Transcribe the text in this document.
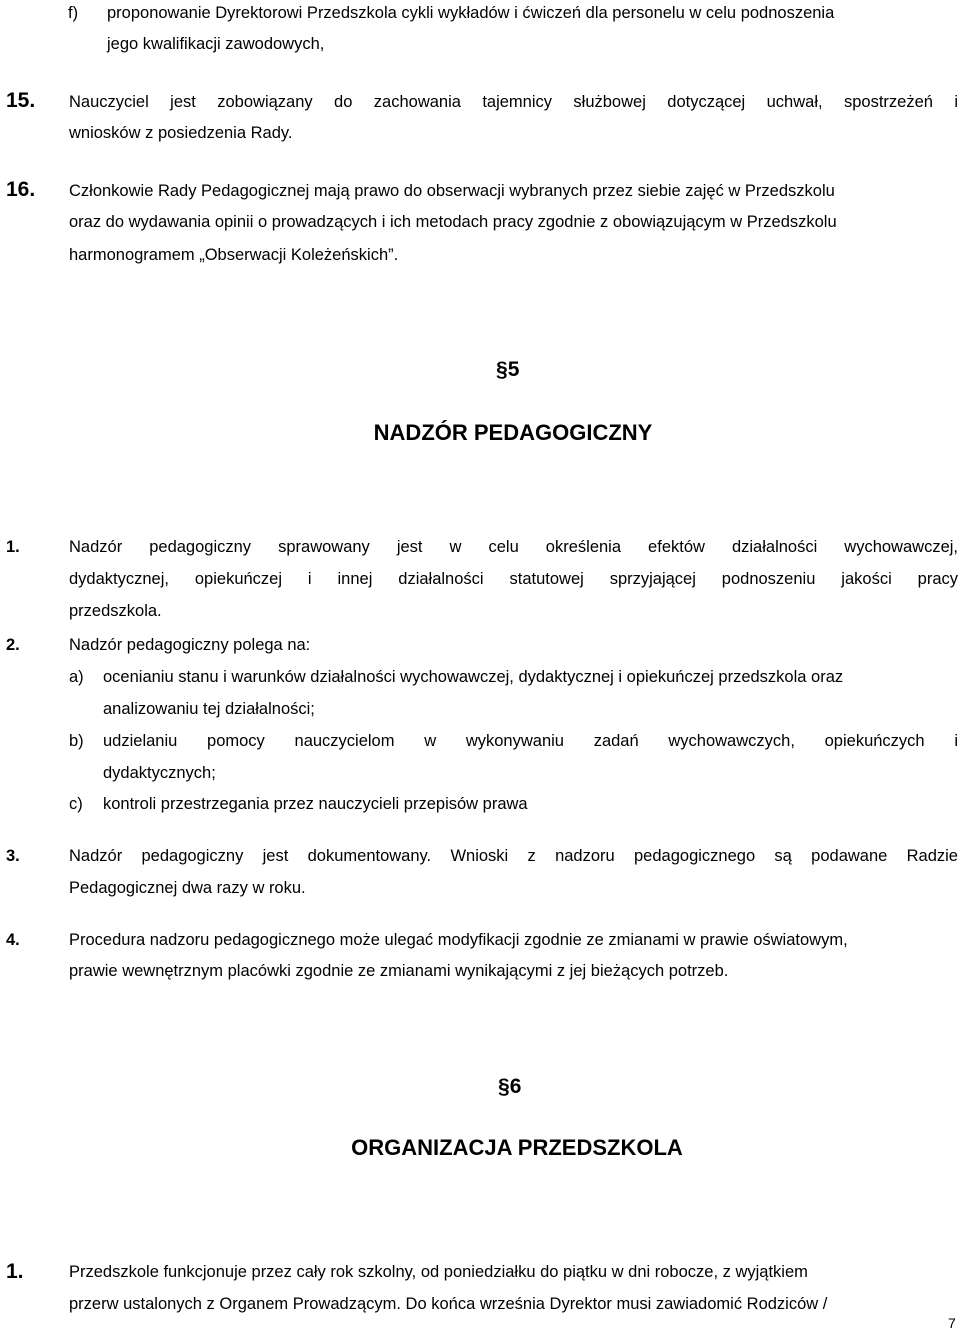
f) proponowanie Dyrektorowi Przedszkola cykli wykładów i ćwiczeń dla personelu w celu podnoszenia
jego kwalifikacji zawodowych,
15. Nauczyciel jest zobowiązany do zachowania tajemnicy służbowej dotyczącej uchwał, spostrzeżeń i
wniosków z posiedzenia Rady.
16. Członkowie Rady Pedagogicznej mają prawo do obserwacji wybranych przez siebie zajęć w Przedszkolu
oraz do wydawania opinii o prowadzących i ich metodach pracy zgodnie z obowiązującym w Przedszkolu
harmonogramem „Obserwacji Koleżeńskich”.
§5
NADZÓR PEDAGOGICZNY
1.	Nadzór pedagogiczny sprawowany jest w celu określenia efektów działalności wychowawczej,
dydaktycznej, opiekuńczej i innej działalności statutowej sprzyjającej podnoszeniu jakości pracy
przedszkola.
2.	Nadzór pedagogiczny polega na:
a) ocenianiu stanu i warunków działalności wychowawczej, dydaktycznej i opiekuńczej przedszkola oraz
analizowaniu tej działalności;
b) udzielaniu pomocy nauczycielom w wykonywaniu zadań wychowawczych, opiekuńczych i
dydaktycznych;
c) kontroli przestrzegania przez nauczycieli przepisów prawa
3.	Nadzór pedagogiczny jest dokumentowany. Wnioski z nadzoru pedagogicznego są podawane Radzie
Pedagogicznej dwa razy w roku.
4.	Procedura nadzoru pedagogicznego może ulegać modyfikacji zgodnie ze zmianami w prawie oświatowym,
prawie wewnętrznym placówki zgodnie ze zmianami wynikającymi z jej bieżących potrzeb.
§6
ORGANIZACJA PRZEDSZKOLA
1.	Przedszkole funkcjonuje przez cały rok szkolny, od poniedziałku do piątku w dni robocze, z wyjątkiem
przerw ustalonych z Organem Prowadzącym. Do końca września Dyrektor musi zawiadomić Rodziców /
7
